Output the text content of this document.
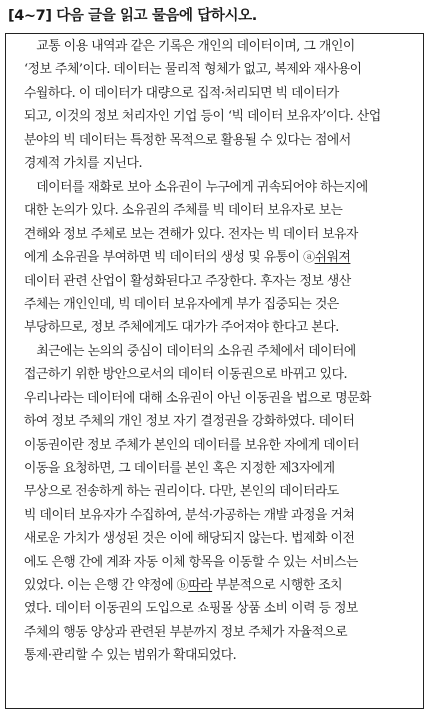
[4~7] 다음 글을 읽고 물음에 답하시오.
　교통 이용 내역과 같은 기록은 개인의 데이터이며, 그 개인이
‘정보 주체’이다. 데이터는 물리적 형체가 없고, 복제와 재사용이
수월하다. 이 데이터가 대량으로 집적·처리되면 빅 데이터가
되고, 이것의 정보 처리자인 기업 등이 ‘빅 데이터 보유자’이다. 산업
분야의 빅 데이터는 특정한 목적으로 활용될 수 있다는 점에서
경제적 가치를 지닌다.
　데이터를 재화로 보아 소유권이 누구에게 귀속되어야 하는지에
대한 논의가 있다. 소유권의 주체를 빅 데이터 보유자로 보는
견해와 정보 주체로 보는 견해가 있다. 전자는 빅 데이터 보유자
에게 소유권을 부여하면 빅 데이터의 생성 및 유통이 ⓐ쉬워져
데이터 관련 산업이 활성화된다고 주장한다. 후자는 정보 생산
주체는 개인인데, 빅 데이터 보유자에게 부가 집중되는 것은
부당하므로, 정보 주체에게도 대가가 주어져야 한다고 본다.
　최근에는 논의의 중심이 데이터의 소유권 주체에서 데이터에
접근하기 위한 방안으로서의 데이터 이동권으로 바뀌고 있다.
우리나라는 데이터에 대해 소유권이 아닌 이동권을 법으로 명문화
하여 정보 주체의 개인 정보 자기 결정권을 강화하였다. 데이터
이동권이란 정보 주체가 본인의 데이터를 보유한 자에게 데이터
이동을 요청하면, 그 데이터를 본인 혹은 지정한 제3자에게
무상으로 전송하게 하는 권리이다. 다만, 본인의 데이터라도
빅 데이터 보유자가 수집하여, 분석·가공하는 개발 과정을 거쳐
새로운 가치가 생성된 것은 이에 해당되지 않는다. 법제화 이전
에도 은행 간에 계좌 자동 이체 항목을 이동할 수 있는 서비스는
있었다. 이는 은행 간 약정에 ⓑ따라 부분적으로 시행한 조치
였다. 데이터 이동권의 도입으로 쇼핑몰 상품 소비 이력 등 정보
주체의 행동 양상과 관련된 부분까지 정보 주체가 자율적으로
통제·관리할 수 있는 범위가 확대되었다.
